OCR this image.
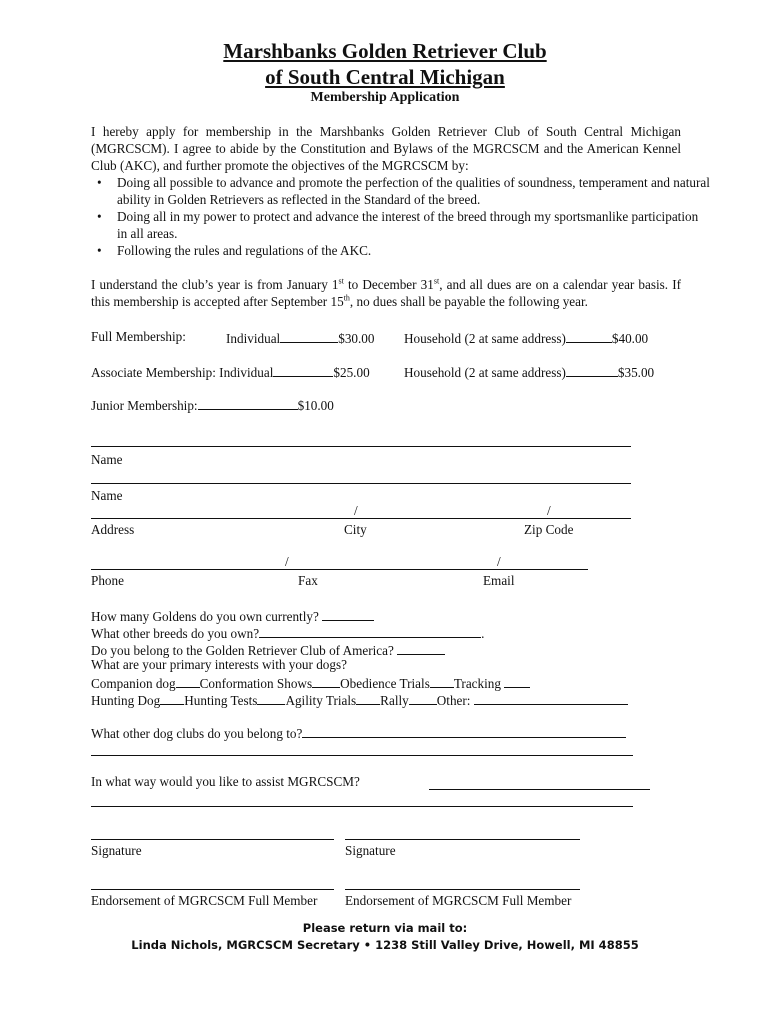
Marshbanks Golden Retriever Club
of South Central Michigan
Membership Application
I hereby apply for membership in the Marshbanks Golden Retriever Club of South Central Michigan (MGRCSCM). I agree to abide by the Constitution and Bylaws of the MGRCSCM and the American Kennel Club (AKC), and further promote the objectives of the MGRCSCM by:
• Doing all possible to advance and promote the perfection of the qualities of soundness, temperament and natural ability in Golden Retrievers as reflected in the Standard of the breed.
• Doing all in my power to protect and advance the interest of the breed through my sportsmanlike participation in all areas.
• Following the rules and regulations of the AKC.
I understand the club’s year is from January 1st to December 31st, and all dues are on a calendar year basis. If this membership is accepted after September 15th, no dues shall be payable the following year.
Full Membership:	Individual	$30.00 Household (2 at same address)	$40.00
Associate Membership: Individual	$25.00	Household (2 at same address)	$35.00
Junior Membership:	$10.00
Name
Name
/	/
Address	City	Zip Code
/	/
Phone	Fax	Email
How many Goldens do you own currently?
What other breeds do you own?	.
Do you belong to the Golden Retriever Club of America?
What are your primary interests with your dogs?
Companion dog Conformation Shows Obedience Trials Tracking
Hunting Dog Hunting Tests Agility Trials Rally Other:
What other dog clubs do you belong to?
In what way would you like to assist MGRCSCM?
Signature	Signature
Endorsement of MGRCSCM Full Member Endorsement of MGRCSCM Full Member
Please return via mail to:
Linda Nichols, MGRCSCM Secretary • 1238 Still Valley Drive, Howell, MI 48855
